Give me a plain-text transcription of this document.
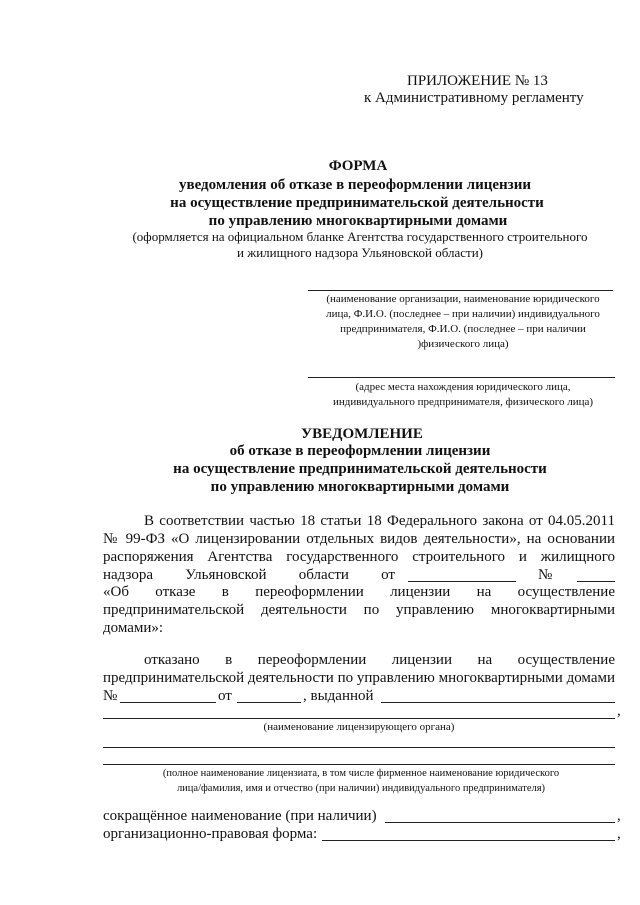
ПРИЛОЖЕНИЕ № 13
к Административному регламенту
ФОРМА
уведомления об отказе в переоформлении лицензии
на осуществление предпринимательской деятельности
по управлению многоквартирными домами
(оформляется на официальном бланке Агентства государственного строительного
и жилищного надзора Ульяновской области)
(наименование организации, наименование юридического
лица, Ф.И.О. (последнее – при наличии) индивидуального
предпринимателя, Ф.И.О. (последнее – при наличии
)физического лица)
(адрес места нахождения юридического лица,
индивидуального предпринимателя, физического лица)
УВЕДОМЛЕНИЕ
об отказе в переоформлении лицензии
на осуществление предпринимательской деятельности
по управлению многоквартирными домами
В соответствии частью 18 статьи 18 Федерального закона от 04.05.2011
№ 99-ФЗ «О лицензировании отдельных видов деятельности», на основании
распоряжения Агентства государственного строительного и жилищного
надзора Ульяновской области от	№
«Об отказе в переоформлении лицензии на осуществление
предпринимательской деятельности по управлению многоквартирными
домами»:
отказано в переоформлении лицензии на осуществление
предпринимательской деятельности по управлению многоквартирными домами
№	от	, выданной
,
(наименование лицензирующего органа)
(полное наименование лицензиата, в том числе фирменное наименование юридического
лица/фамилия, имя и отчество (при наличии) индивидуального предпринимателя)
сокращённое наименование (при наличии)	,
организационно-правовая форма:	,
